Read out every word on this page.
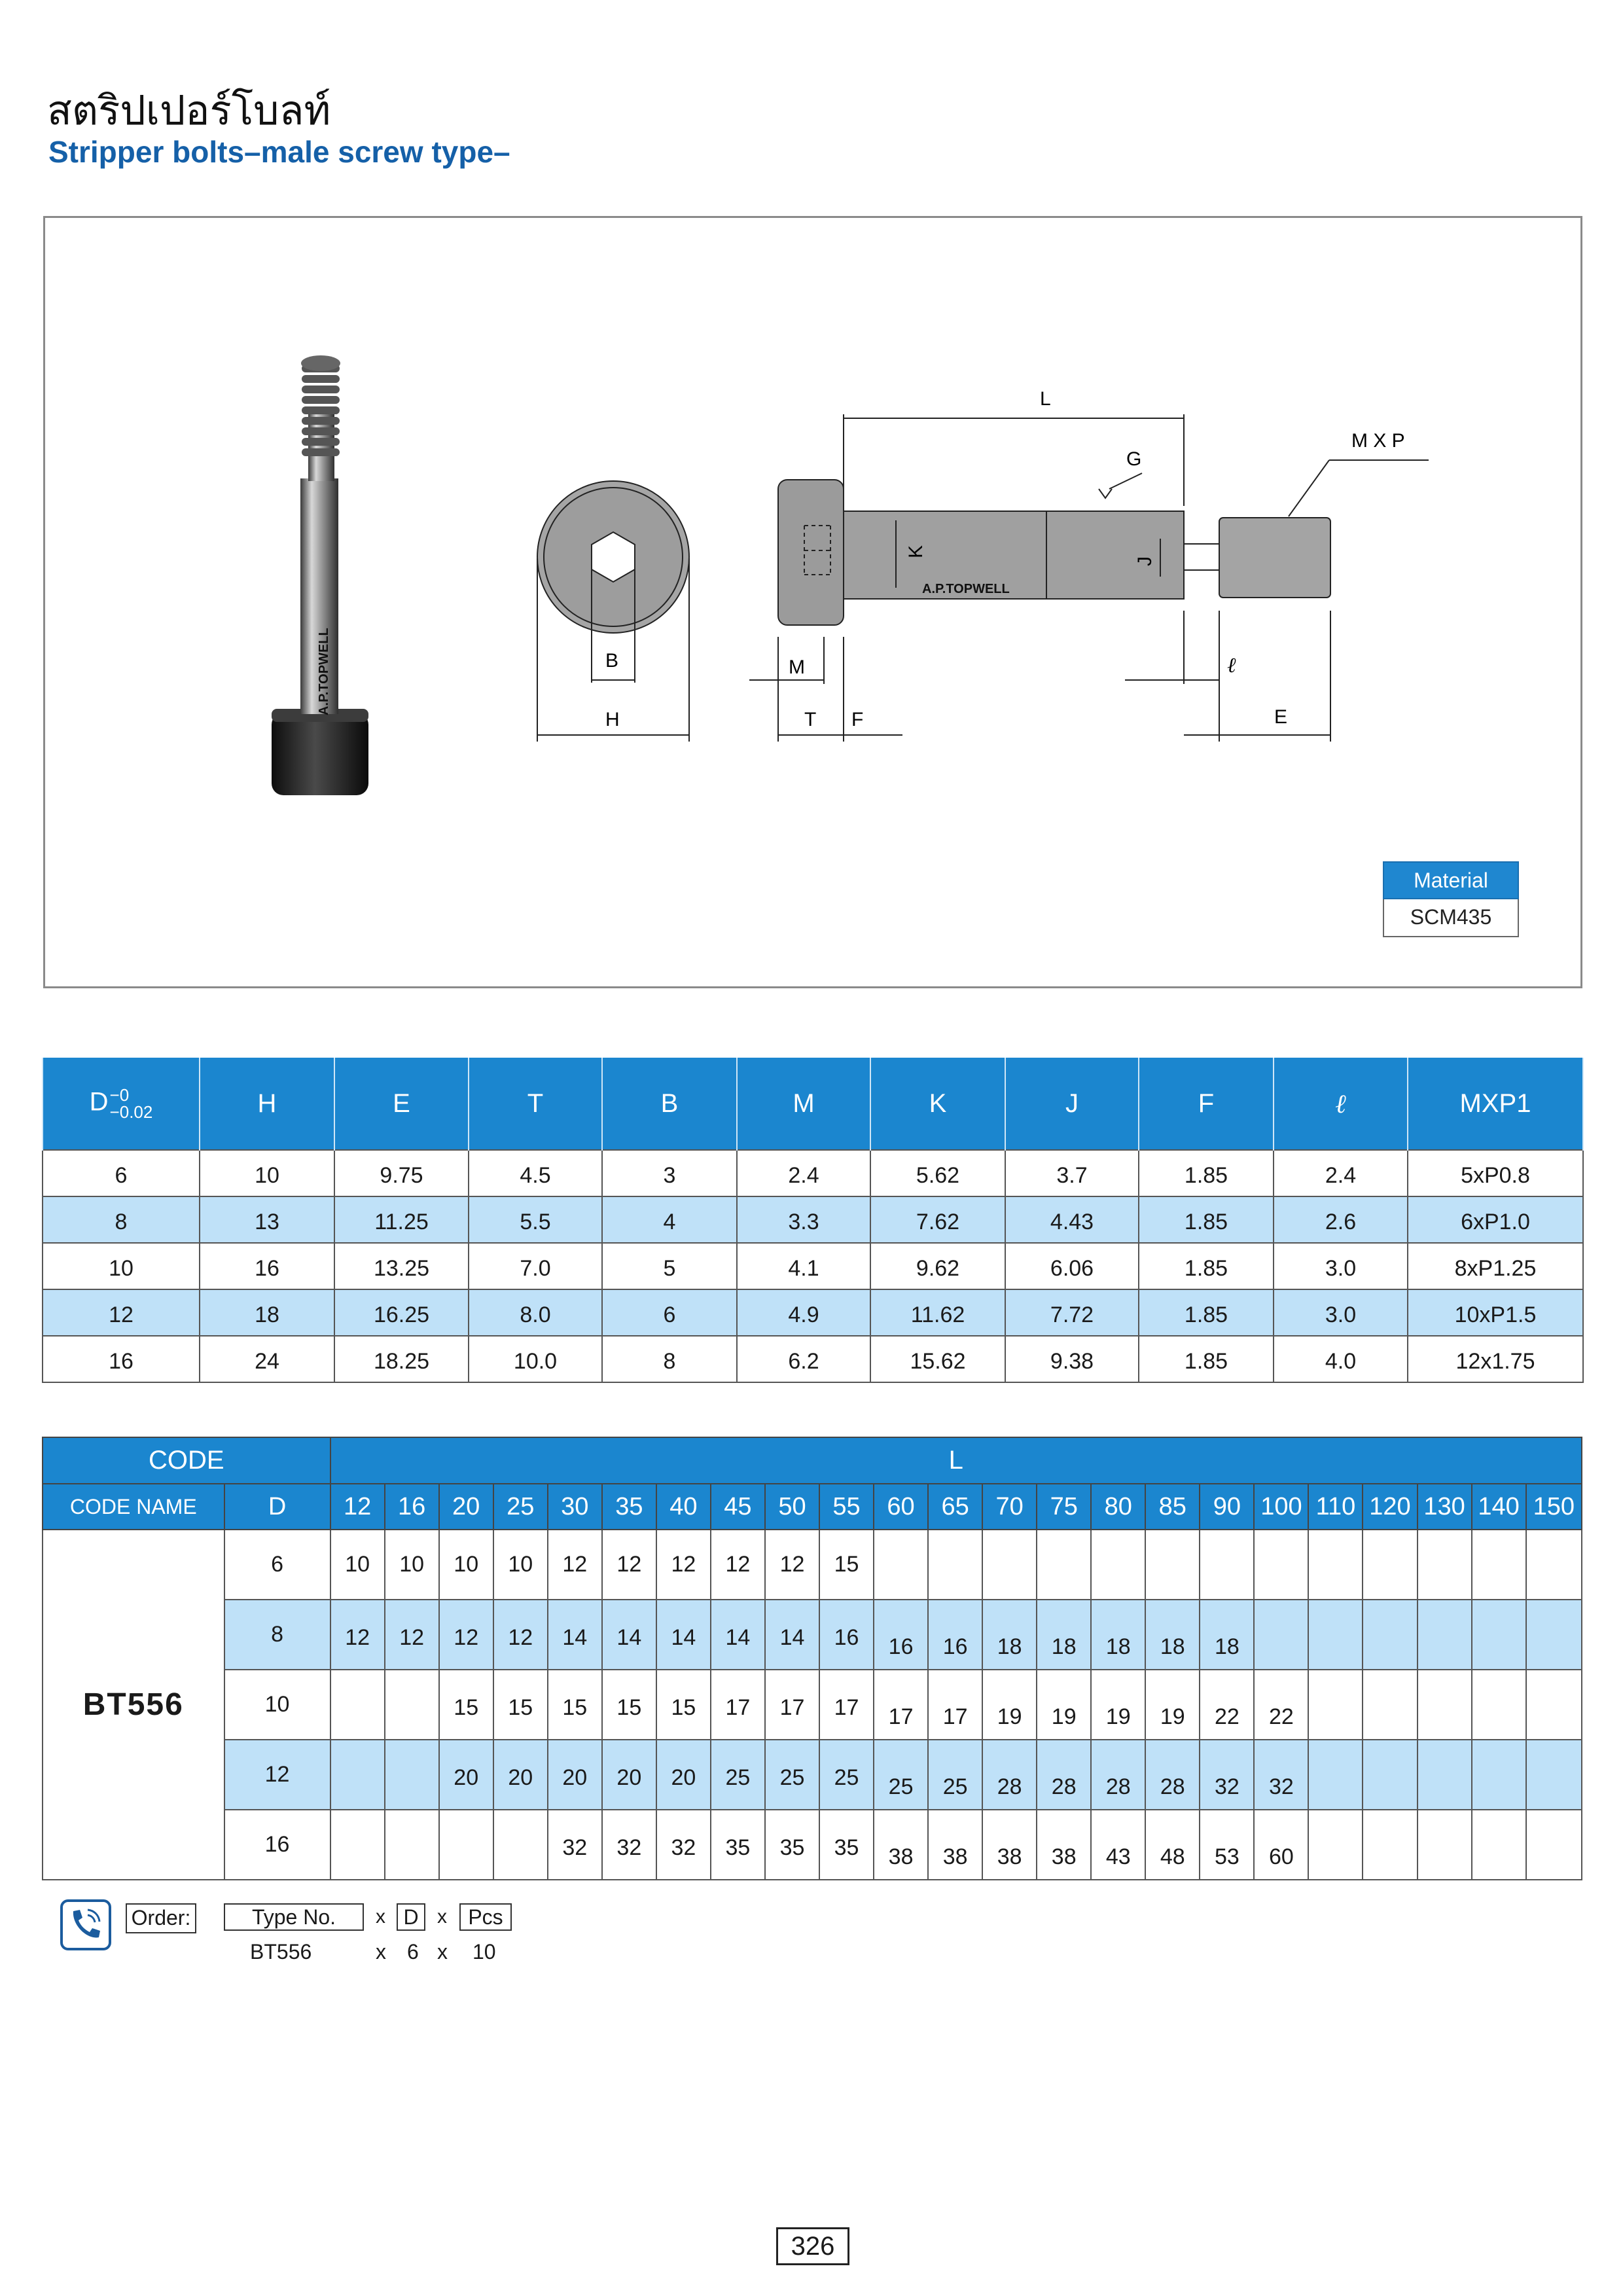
สตริปเปอร์โบลท์
Stripper bolts–male screw type–
A.P.TOPWELL	B
H
L
G
M X P
K
J
A.P.TOPWELL
M
T F
ℓ
E
Material
SCM435
D−0
−0.02	H	E	T	B	M	K	J	F	ℓ	MXP1
6	10	9.75	4.5	3	2.4	5.62	3.7	1.85	2.4	5xP0.8
8	13	11.25	5.5	4	3.3	7.62	4.43	1.85	2.6	6xP1.0
10	16	13.25	7.0	5	4.1	9.62	6.06	1.85	3.0	8xP1.25
12	18	16.25	8.0	6	4.9	11.62	7.72	1.85	3.0	10xP1.5
16	24	18.25	10.0	8	6.2	15.62	9.38	1.85	4.0	12x1.75
CODE		L																						
CODE NAME	D	12	16	20	25	30	35	40	45	50	55	60	65	70	75	80	85	90	100	110	120	130	140	150
BT556	6	10	10	10	10	12	12	12	12	12	15													
	8	12	12	12	12	14	14	14	14	14	16	16	16	18	18	18	18	18						
	10			15	15	15	15	15	17	17	17	17	17	19	19	19	19	22	22					
	12			20	20	20	20	20	25	25	25	25	25	28	28	28	28	32	32					
	16					32	32	32	35	35	35	38	38	38	38	43	48	53	60					
Order:	Type No.	x D x	Pcs
BT556	x 6 x 10
326
